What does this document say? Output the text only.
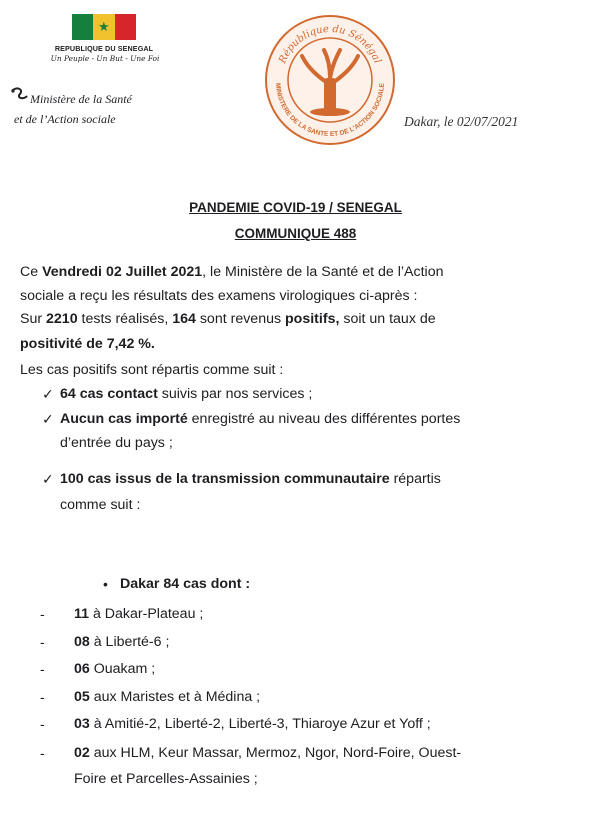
★
REPUBLIQUE DU SENEGAL
Un Peuple - Un But - Une Foi
Ministère de la Santé
et de l’Action sociale
République du Sénégal
MINISTERE DE LA SANTE ET DE L'ACTION SOCIALE
Dakar, le 02/07/2021
PANDEMIE COVID-19 / SENEGAL
COMMUNIQUE 488
Ce Vendredi 02 Juillet 2021, le Ministère de la Santé et de l’Action
sociale a reçu les résultats des examens virologiques ci-après :
Sur 2210 tests réalisés, 164 sont revenus positifs, soit un taux de
positivité de 7,42 %.
Les cas positifs sont répartis comme suit :
✓ 64 cas contact suivis par nos services ;
✓ Aucun cas importé enregistré au niveau des différentes portes
d’entrée du pays ;
✓ 100 cas issus de la transmission communautaire répartis
comme suit :
• Dakar 84 cas dont :
- 11 à Dakar-Plateau ;
- 08 à Liberté-6 ;
- 06 Ouakam ;
- 05 aux Maristes et à Médina ;
- 03 à Amitié-2, Liberté-2, Liberté-3, Thiaroye Azur et Yoff ;
- 02 aux HLM, Keur Massar, Mermoz, Ngor, Nord-Foire, Ouest-
Foire et Parcelles-Assainies ;
